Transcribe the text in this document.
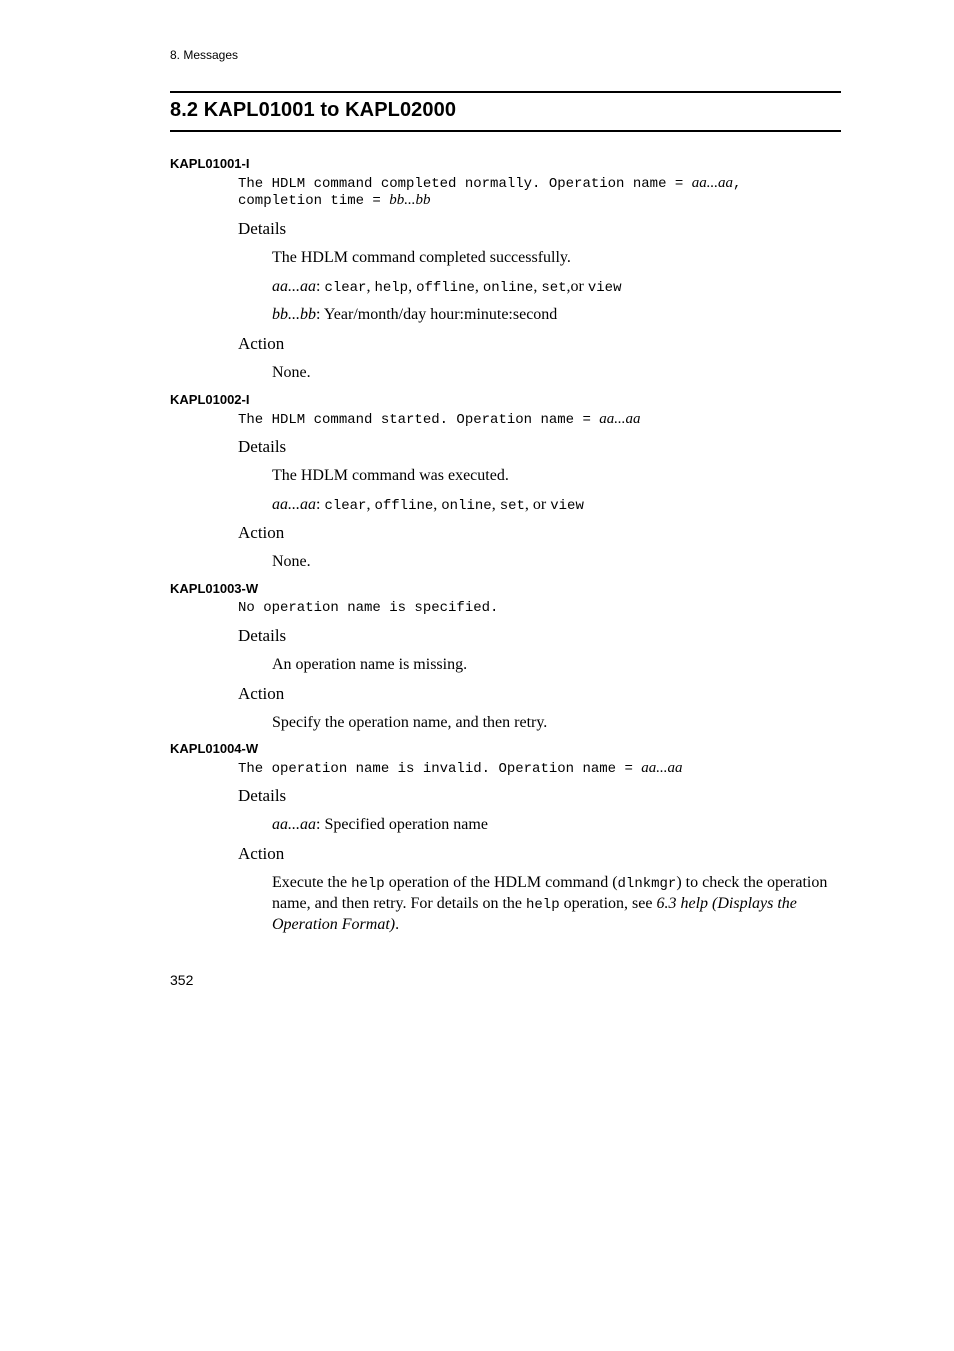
8. Messages
8.2 KAPL01001 to KAPL02000
KAPL01001-I
The HDLM command completed normally. Operation name = aa...aa,
completion time = bb...bb
Details
The HDLM command completed successfully.
aa...aa: clear, help, offline, online, set,or view
bb...bb: Year/month/day hour:minute:second
Action
None.
KAPL01002-I
The HDLM command started. Operation name = aa...aa
Details
The HDLM command was executed.
aa...aa: clear, offline, online, set, or view
Action
None.
KAPL01003-W
No operation name is specified.
Details
An operation name is missing.
Action
Specify the operation name, and then retry.
KAPL01004-W
The operation name is invalid. Operation name = aa...aa
Details
aa...aa: Specified operation name
Action
Execute the help operation of the HDLM command (dlnkmgr) to check the operation name, and then retry. For details on the help operation, see 6.3 help (Displays the Operation Format).
352
